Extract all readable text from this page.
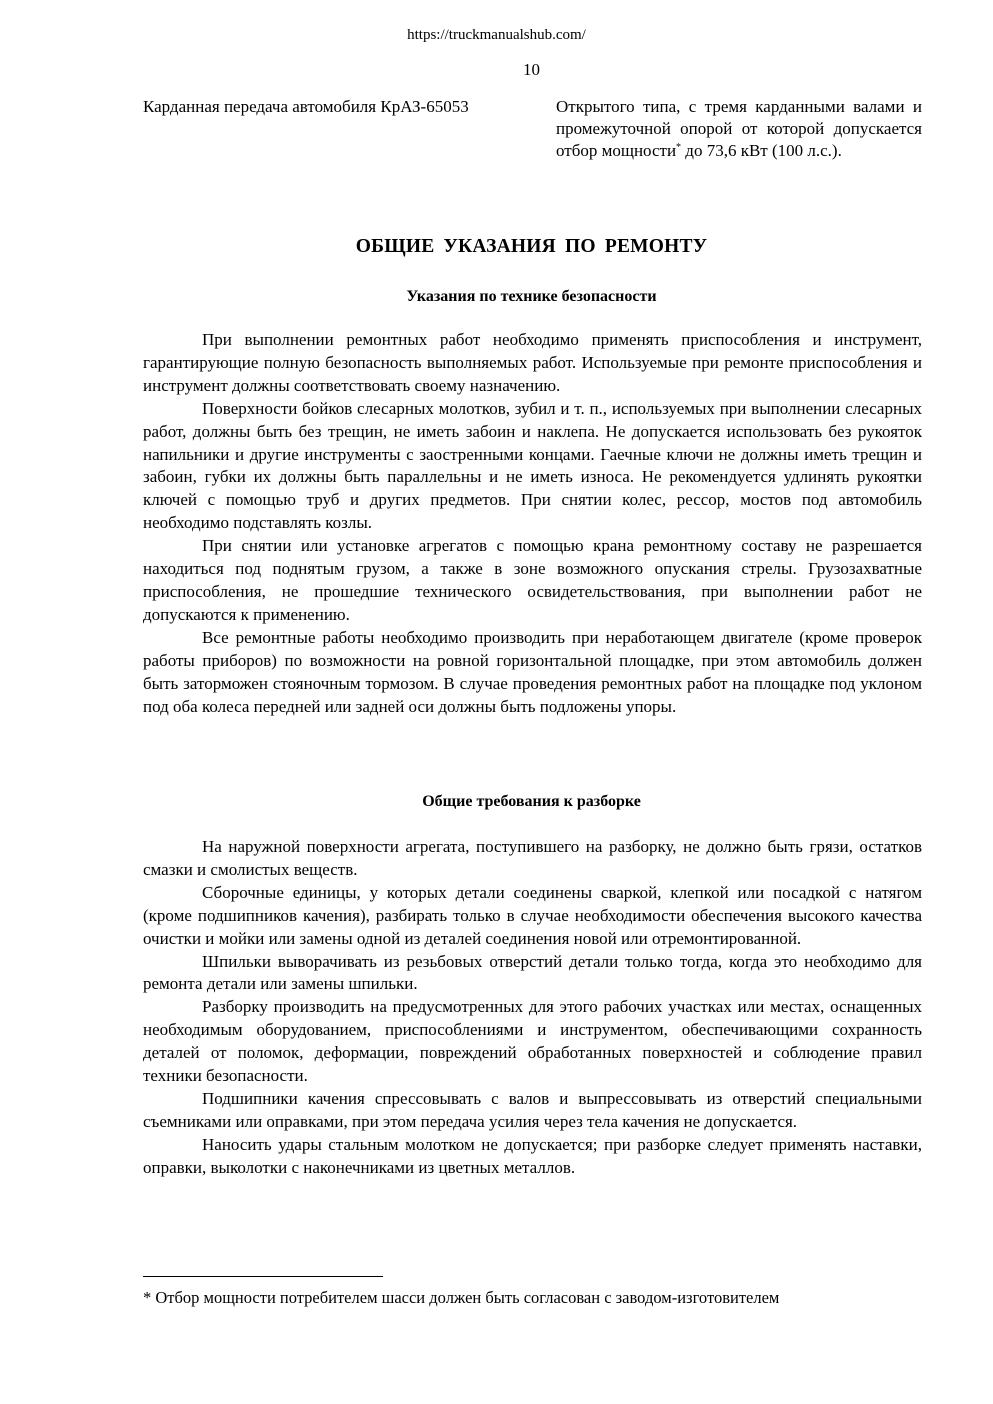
https://truckmanualshub.com/
10
Карданная передача автомобиля КрАЗ-65053	Открытого типа, с тремя карданными валами и промежуточной опорой от которой допускается отбор мощности* до 73,6 кВт (100 л.с.).
ОБЩИЕ УКАЗАНИЯ ПО РЕМОНТУ
Указания по технике безопасности

При выполнении ремонтных работ необходимо применять приспособления и инструмент, гарантирующие полную безопасность выполняемых работ. Используемые при ремонте приспособления и инструмент должны соответствовать своему назначению.

Поверхности бойков слесарных молотков, зубил и т. п., используемых при выполнении слесарных работ, должны быть без трещин, не иметь забоин и наклепа. Не допускается использовать без рукояток напильники и другие инструменты с заостренными концами. Гаечные ключи не должны иметь трещин и забоин, губки их должны быть параллельны и не иметь износа. Не рекомендуется удлинять рукоятки ключей с помощью труб и других предметов. При снятии колес, рессор, мостов под автомобиль необходимо подставлять козлы.

При снятии или установке агрегатов с помощью крана ремонтному составу не разрешается находиться под поднятым грузом, а также в зоне возможного опускания стрелы. Грузозахватные приспособления, не прошедшие технического освидетельствования, при выполнении работ не допускаются к применению.

Все ремонтные работы необходимо производить при неработающем двигателе (кроме проверок работы приборов) по возможности на ровной горизонтальной площадке, при этом автомобиль должен быть заторможен стояночным тормозом. В случае проведения ремонтных работ на площадке под уклоном под оба колеса передней или задней оси должны быть подложены упоры.

Общие требования к разборке

На наружной поверхности агрегата, поступившего на разборку, не должно быть грязи, остатков смазки и смолистых веществ.

Сборочные единицы, у которых детали соединены сваркой, клепкой или посадкой с натягом (кроме подшипников качения), разбирать только в случае необходимости обеспечения высокого качества очистки и мойки или замены одной из деталей соединения новой или отремонтированной.

Шпильки выворачивать из резьбовых отверстий детали только тогда, когда это необходимо для ремонта детали или замены шпильки.

Разборку производить на предусмотренных для этого рабочих участках или местах, оснащенных необходимым оборудованием, приспособлениями и инструментом, обеспечивающими сохранность деталей от поломок, деформации, повреждений обработанных поверхностей и соблюдение правил техники безопасности.

Подшипники качения спрессовывать с валов и выпрессовывать из отверстий специальными съемниками или оправками, при этом передача усилия через тела качения не допускается.

Наносить удары стальным молотком не допускается; при разборке следует применять наставки, оправки, выколотки с наконечниками из цветных металлов.

* Отбор мощности потребителем шасси должен быть согласован с заводом-изготовителем
